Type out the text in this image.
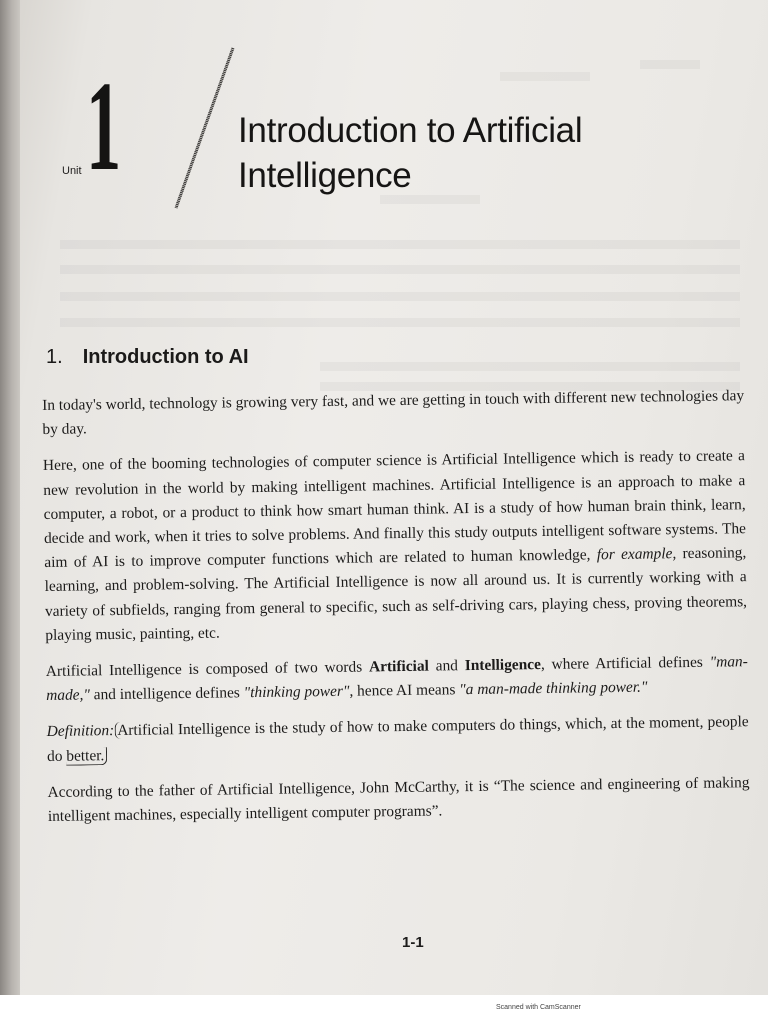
Unit 1	Introduction to Artificial
Intelligence
1. Introduction to AI

In today's world, technology is growing very fast, and we are getting in touch with different new technologies day by day.

Here, one of the booming technologies of computer science is Artificial Intelligence which is ready to create a new revolution in the world by making intelligent machines. Artificial Intelligence is an approach to make a computer, a robot, or a product to think how smart human think. AI is a study of how human brain think, learn, decide and work, when it tries to solve problems. And finally this study outputs intelligent software systems. The aim of AI is to improve computer functions which are related to human knowledge, for example, reasoning, learning, and problem-solving. The Artificial Intelligence is now all around us. It is currently working with a variety of subfields, ranging from general to specific, such as self-driving cars, playing chess, proving theorems, playing music, painting, etc.

Artificial Intelligence is composed of two words Artificial and Intelligence, where Artificial defines "man-made," and intelligence defines "thinking power", hence AI means "a man-made thinking power."

Definition: Artificial Intelligence is the study of how to make computers do things, which, at the moment, people do better.

According to the father of Artificial Intelligence, John McCarthy, it is “The science and engineering of making intelligent machines, especially intelligent computer programs”.

1-1
Scanned with CamScanner
